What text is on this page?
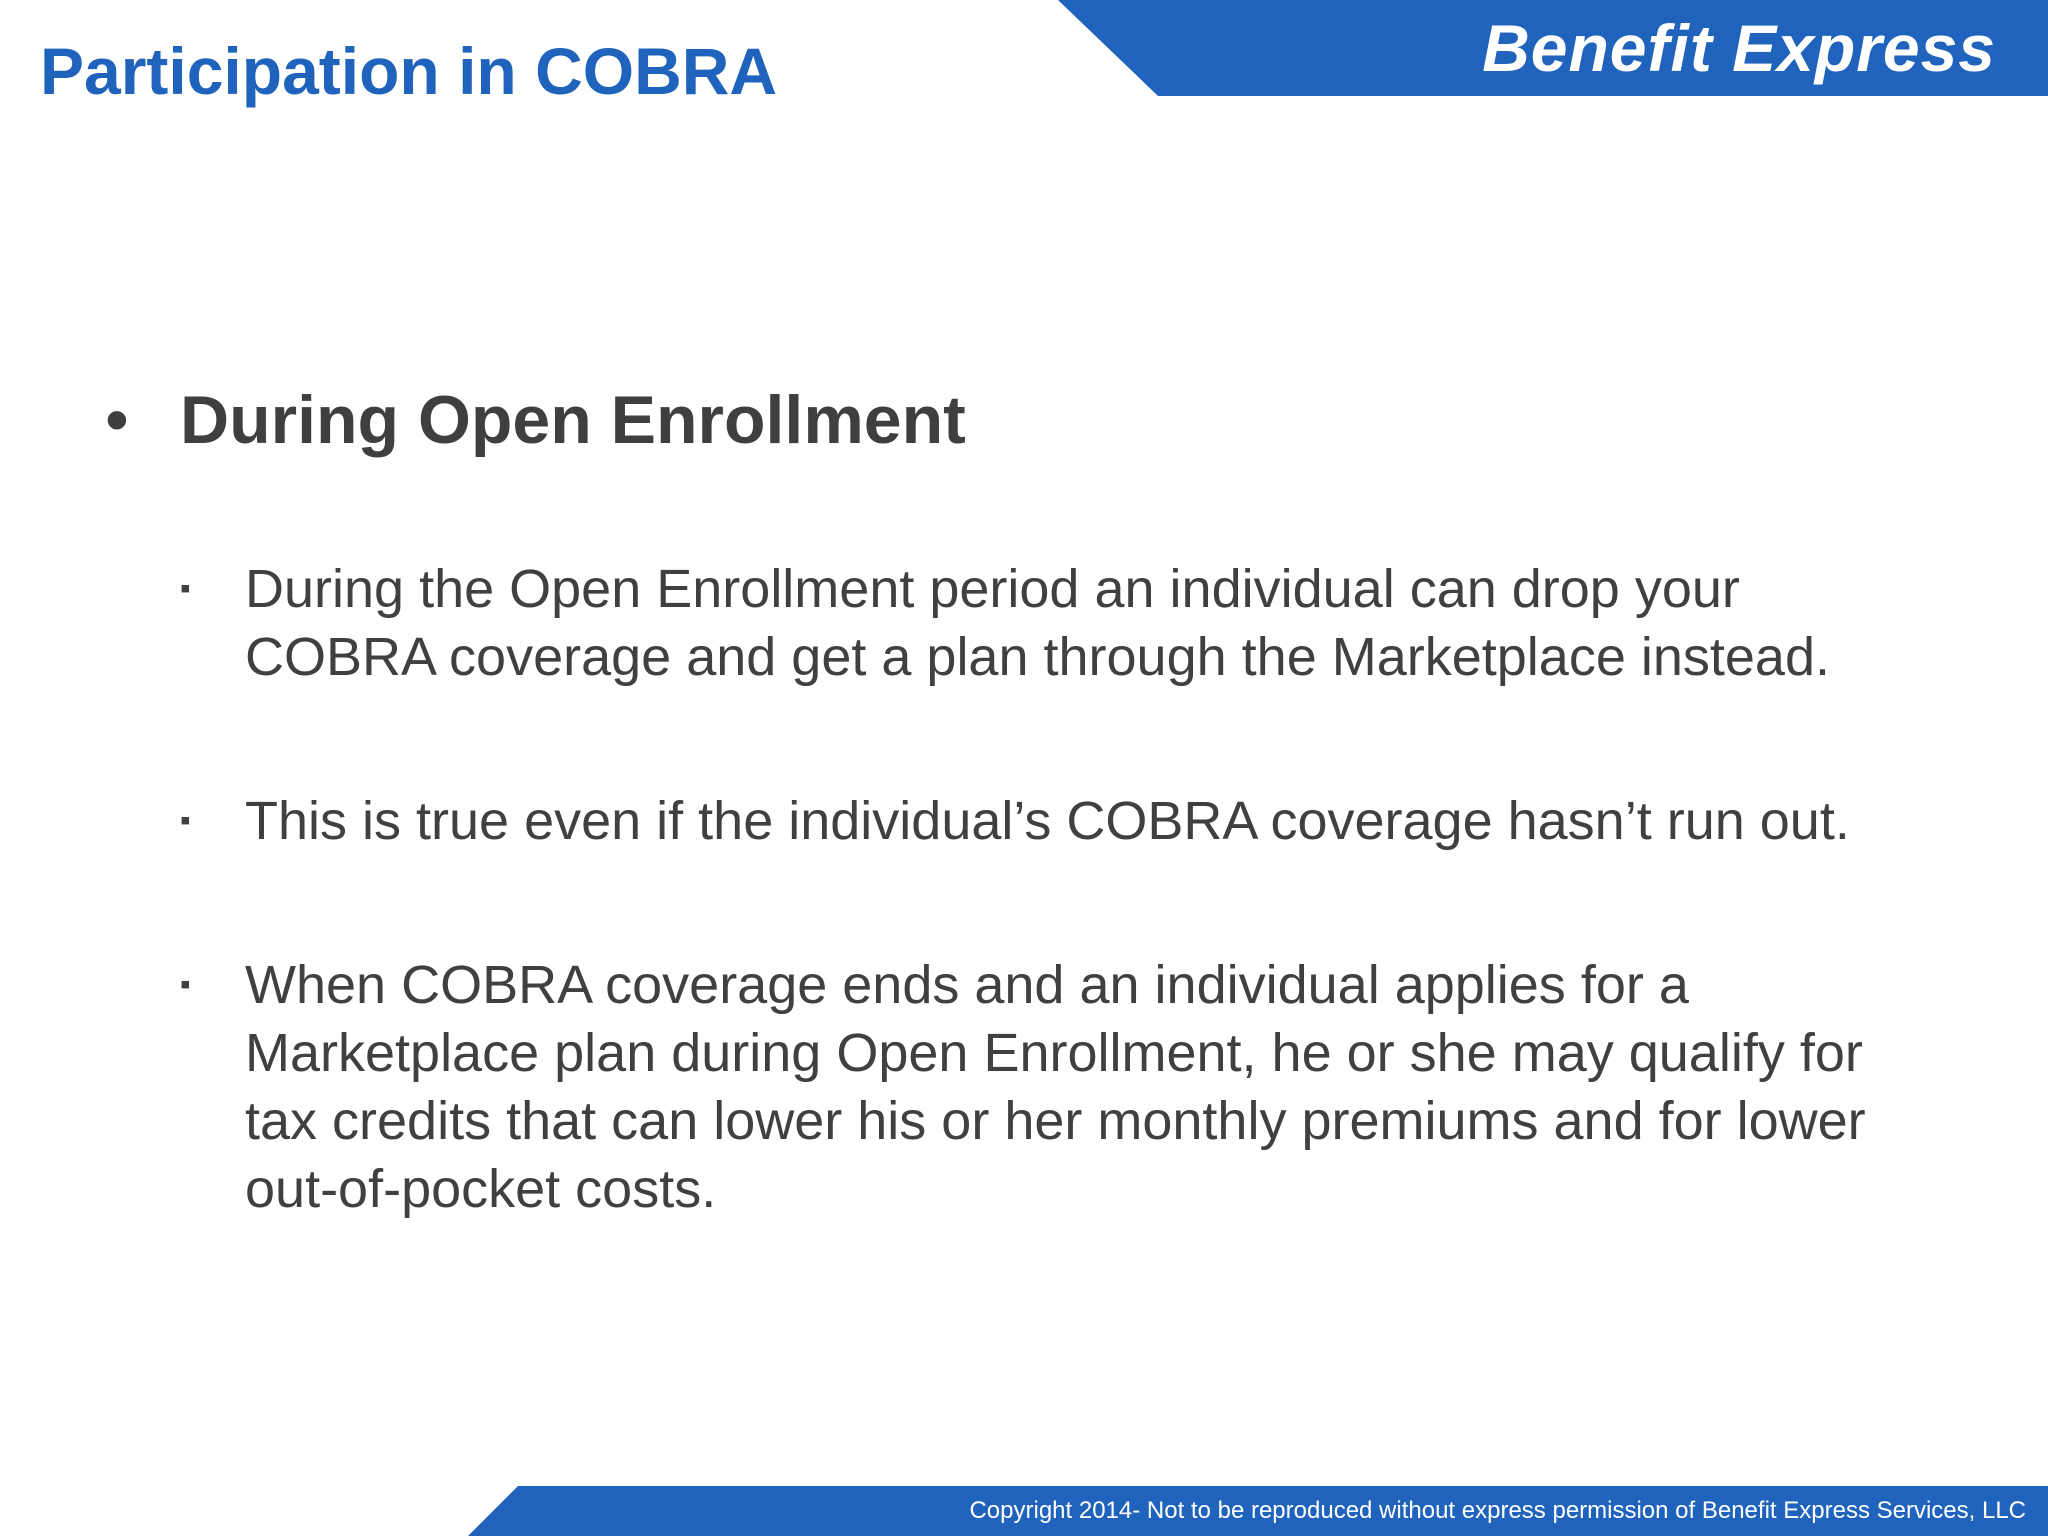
Benefit Express
Participation in COBRA
• During Open Enrollment
▪	During the Open Enrollment period an individual can drop your
COBRA coverage and get a plan through the Marketplace instead.
▪	This is true even if the individual’s COBRA coverage hasn’t run out.
▪	When COBRA coverage ends and an individual applies for a
Marketplace plan during Open Enrollment, he or she may qualify for
tax credits that can lower his or her monthly premiums and for lower
out-of-pocket costs.
Copyright 2014- Not to be reproduced without express permission of Benefit Express Services, LLC
